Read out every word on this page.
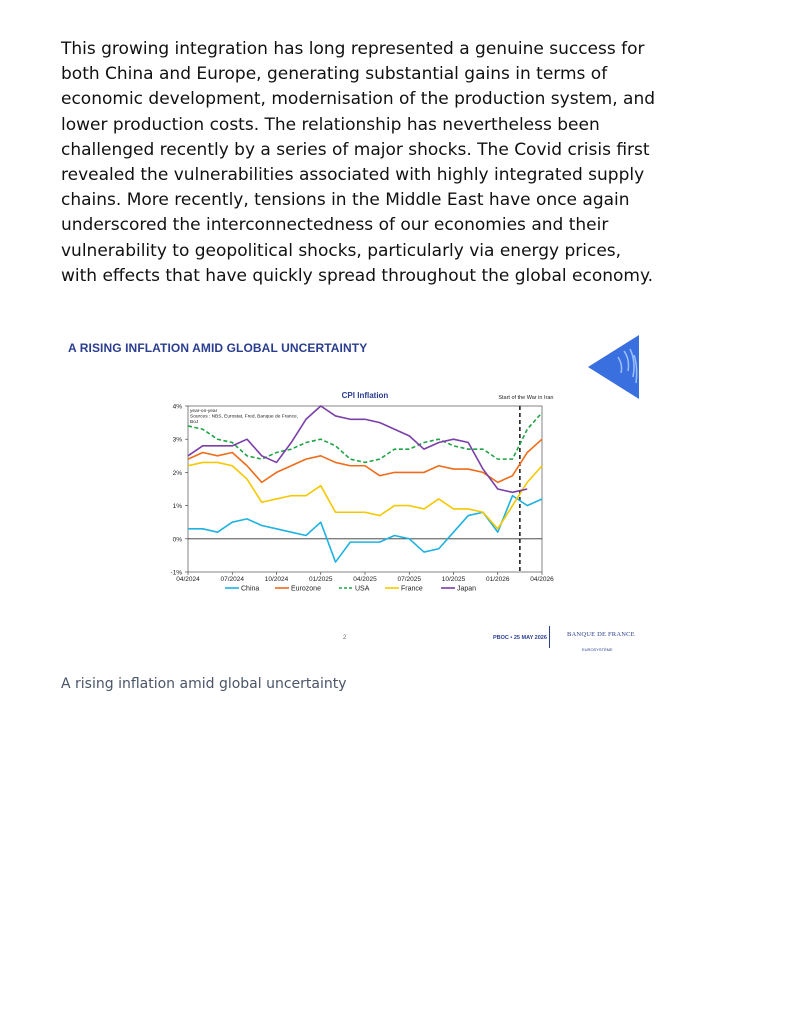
This growing integration has long represented a genuine success for both China and Europe, generating substantial gains in terms of economic development, modernisation of the production system, and lower production costs. The relationship has nevertheless been challenged recently by a series of major shocks. The Covid crisis first revealed the vulnerabilities associated with highly integrated supply chains. More recently, tensions in the Middle East have once again underscored the interconnectedness of our economies and their vulnerability to geopolitical shocks, particularly via energy prices, with effects that have quickly spread throughout the global economy.

A RISING INFLATION AMID GLOBAL UNCERTAINTY
CPI Inflation
-1%
0%
1%
2%
3%
4%
04/2024	07/2024	10/2024	01/2025	04/2025	07/2025	10/2025	01/2026	04/2026
year-on-year
Sources : NBS, Eurostat, Fred, Banque de France,
BoJ
Start of the War in Iran
China	Eurozone	USA	France	Japan
2	PBOC • 25 MAY 2026	BANQUE DE FRANCE
EUROSYSTÈME
A rising inflation amid global uncertainty
